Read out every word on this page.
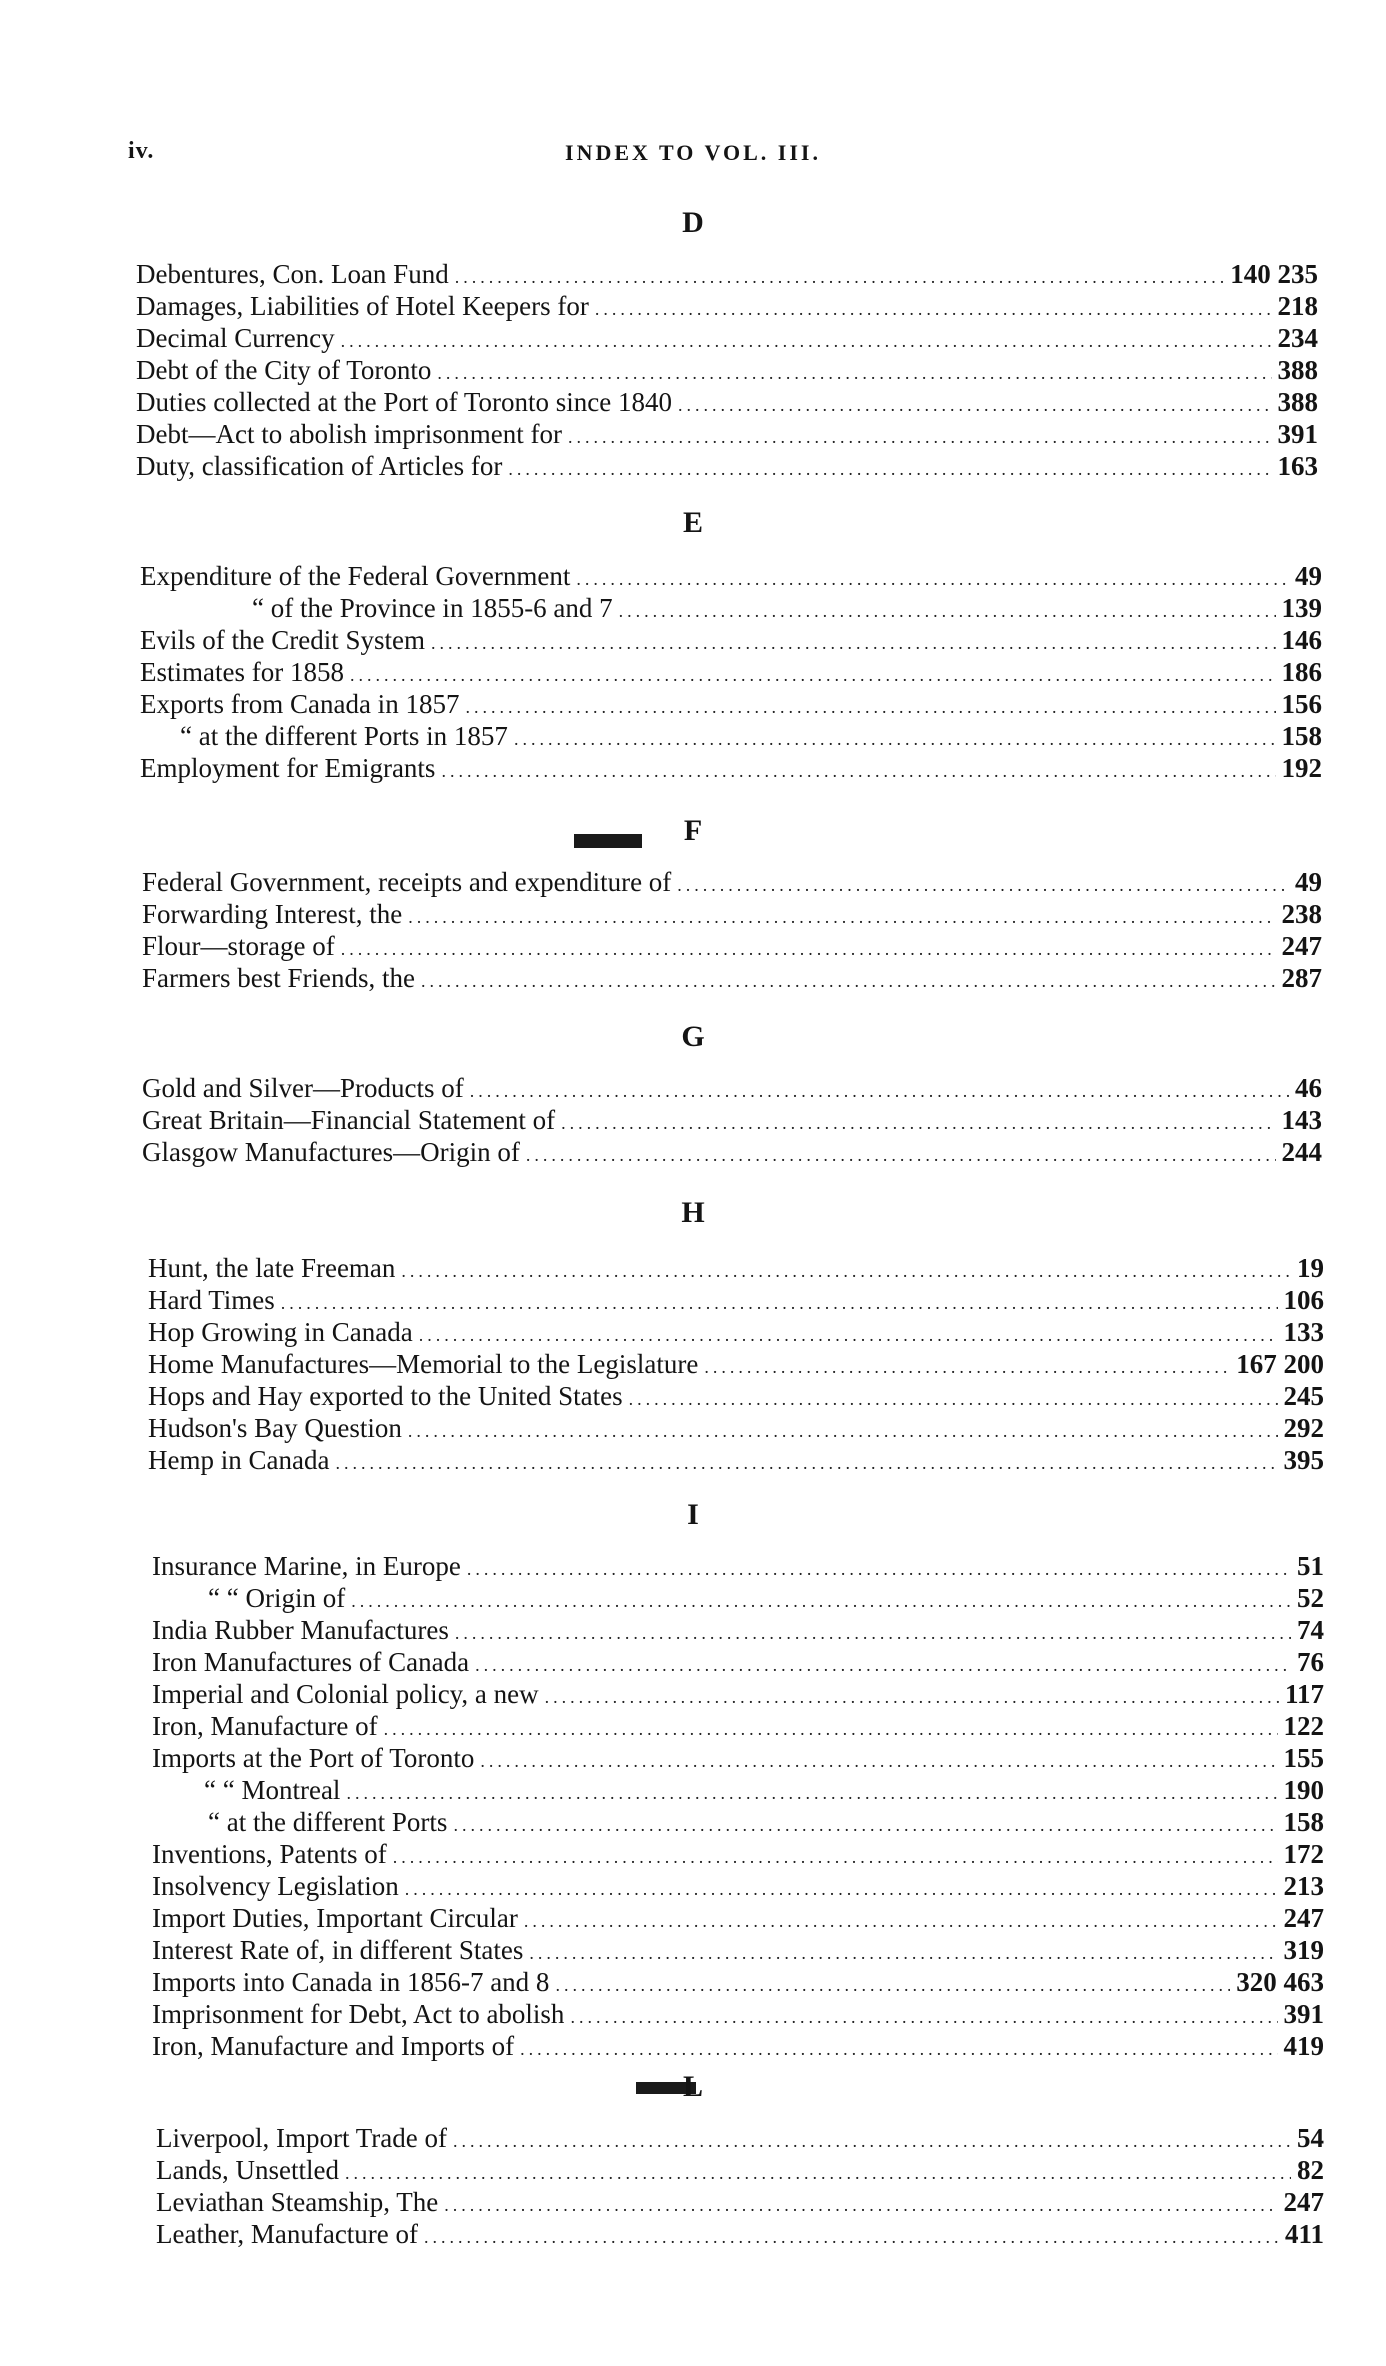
iv.	INDEX TO VOL. III.
D
Debentures, Con. Loan Fund .....	140 235
Damages, Liabilities of Hotel Keepers for .....	218
Decimal Currency .....	234
Debt of the City of Toronto .....	388
Duties collected at the Port of Toronto since 1840 .....	388
Debt—Act to abolish imprisonment for .....	391
Duty, classification of Articles for .....	163
E
Expenditure of the Federal Government .....	49
“ of the Province in 1855-6 and 7 .....	139
Evils of the Credit System .....	146
Estimates for 1858 .....	186
Exports from Canada in 1857 .....	156
“ at the different Ports in 1857 .....	158
Employment for Emigrants .....	192
F
Federal Government, receipts and expenditure of .....	49
Forwarding Interest, the .....	238
Flour—storage of .....	247
Farmers best Friends, the .....	287
G
Gold and Silver—Products of .....	46
Great Britain—Financial Statement of .....	143
Glasgow Manufactures—Origin of .....	244
H
Hunt, the late Freeman .....	19
Hard Times .....	106
Hop Growing in Canada .....	133
Home Manufactures—Memorial to the Legislature .....	167 200
Hops and Hay exported to the United States .....	245
Hudson's Bay Question .....	292
Hemp in Canada .....	395
I
Insurance Marine, in Europe .....	51
“ “ Origin of .....	52
India Rubber Manufactures .....	74
Iron Manufactures of Canada .....	76
Imperial and Colonial policy, a new .....	117
Iron, Manufacture of .....	122
Imports at the Port of Toronto .....	155
“ “ Montreal .....	190
“ at the different Ports .....	158
Inventions, Patents of .....	172
Insolvency Legislation .....	213
Import Duties, Important Circular .....	247
Interest Rate of, in different States .....	319
Imports into Canada in 1856-7 and 8 .....	320 463
Imprisonment for Debt, Act to abolish .....	391
Iron, Manufacture and Imports of .....	419
L
Liverpool, Import Trade of .....	54
Lands, Unsettled .....	82
Leviathan Steamship, The .....	247
Leather, Manufacture of .....	411
